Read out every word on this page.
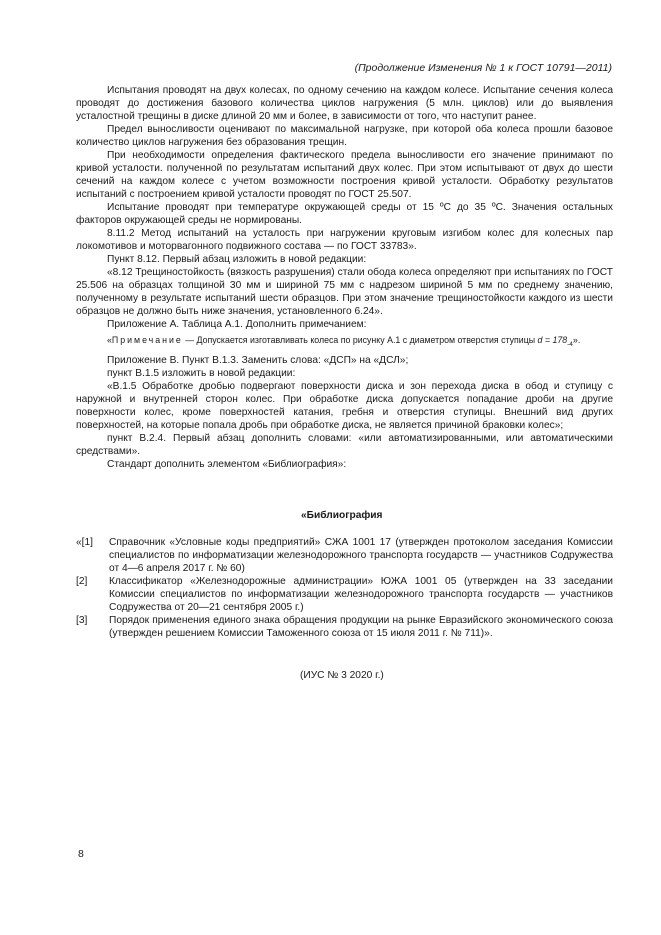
(Продолжение Изменения № 1 к ГОСТ 10791—2011)

Испытания проводят на двух колесах, по одному сечению на каждом колесе. Испытание сечения колеса проводят до достижения базового количества циклов нагружения (5 млн. циклов) или до выявления усталостной трещины в диске длиной 20 мм и более, в зависимости от того, что наступит ранее.

Предел выносливости оценивают по максимальной нагрузке, при которой оба колеса прошли базовое количество циклов нагружения без образования трещин.

При необходимости определения фактического предела выносливости его значение принимают по кривой усталости. полученной по результатам испытаний двух колес. При этом испытывают от двух до шести сечений на каждом колесе с учетом возможности построения кривой усталости. Обработку результатов испытаний с построением кривой усталости проводят по ГОСТ 25.507.

Испытание проводят при температуре окружающей среды от 15 ºС до 35 ºС. Значения остальных факторов окружающей среды не нормированы.

8.11.2 Метод испытаний на усталость при нагружении круговым изгибом колес для колесных пар локомотивов и моторвагонного подвижного состава — по ГОСТ 33783».

Пункт 8.12. Первый абзац изложить в новой редакции:

«8.12 Трещиностойкость (вязкость разрушения) стали обода колеса определяют при испытаниях по ГОСТ 25.506 на образцах толщиной 30 мм и шириной 75 мм с надрезом шириной 5 мм по среднему значению, полученному в результате испытаний шести образцов. При этом значение трещиностойкости каждого из шести образцов не должно быть ниже значения, установленного 6.24».

Приложение А. Таблица А.1. Дополнить примечанием:

«Примечание — Допускается изготавливать колеса по рисунку А.1 с диаметром отверстия ступицы $d = 178_{-4}$».

Приложение В. Пункт В.1.3. Заменить слова: «ДСП» на «ДСЛ»;

пункт В.1.5 изложить в новой редакции:

«В.1.5 Обработке дробью подвергают поверхности диска и зон перехода диска в обод и ступицу с наружной и внутренней сторон колес. При обработке диска допускается попадание дроби на другие поверхности колес, кроме поверхностей катания, гребня и отверстия ступицы. Внешний вид других поверхностей, на которые попала дробь при обработке диска, не является причиной браковки колес»;

пункт В.2.4. Первый абзац дополнить словами: «или автоматизированными, или автоматическими средствами».

Стандарт дополнить элементом «Библиография»:

«Библиография
«[1]	Справочник «Условные коды предприятий» СЖА 1001 17 (утвержден протоколом заседания Комиссии специалистов по информатизации железнодорожного транспорта государств — участников Содружества от 4—6 апреля 2017 г. № 60)
[2]	Классификатор «Железнодорожные администрации» ЮЖА 1001 05 (утвержден на 33 заседании Комиссии специалистов по информатизации железнодорожного транспорта государств — участников Содружества от 20—21 сентября 2005 г.)
[3]	Порядок применения единого знака обращения продукции на рынке Евразийского экономического союза (утвержден решением Комиссии Таможенного союза от 15 июля 2011 г. № 711)».
(ИУС № 3 2020 г.)
8
